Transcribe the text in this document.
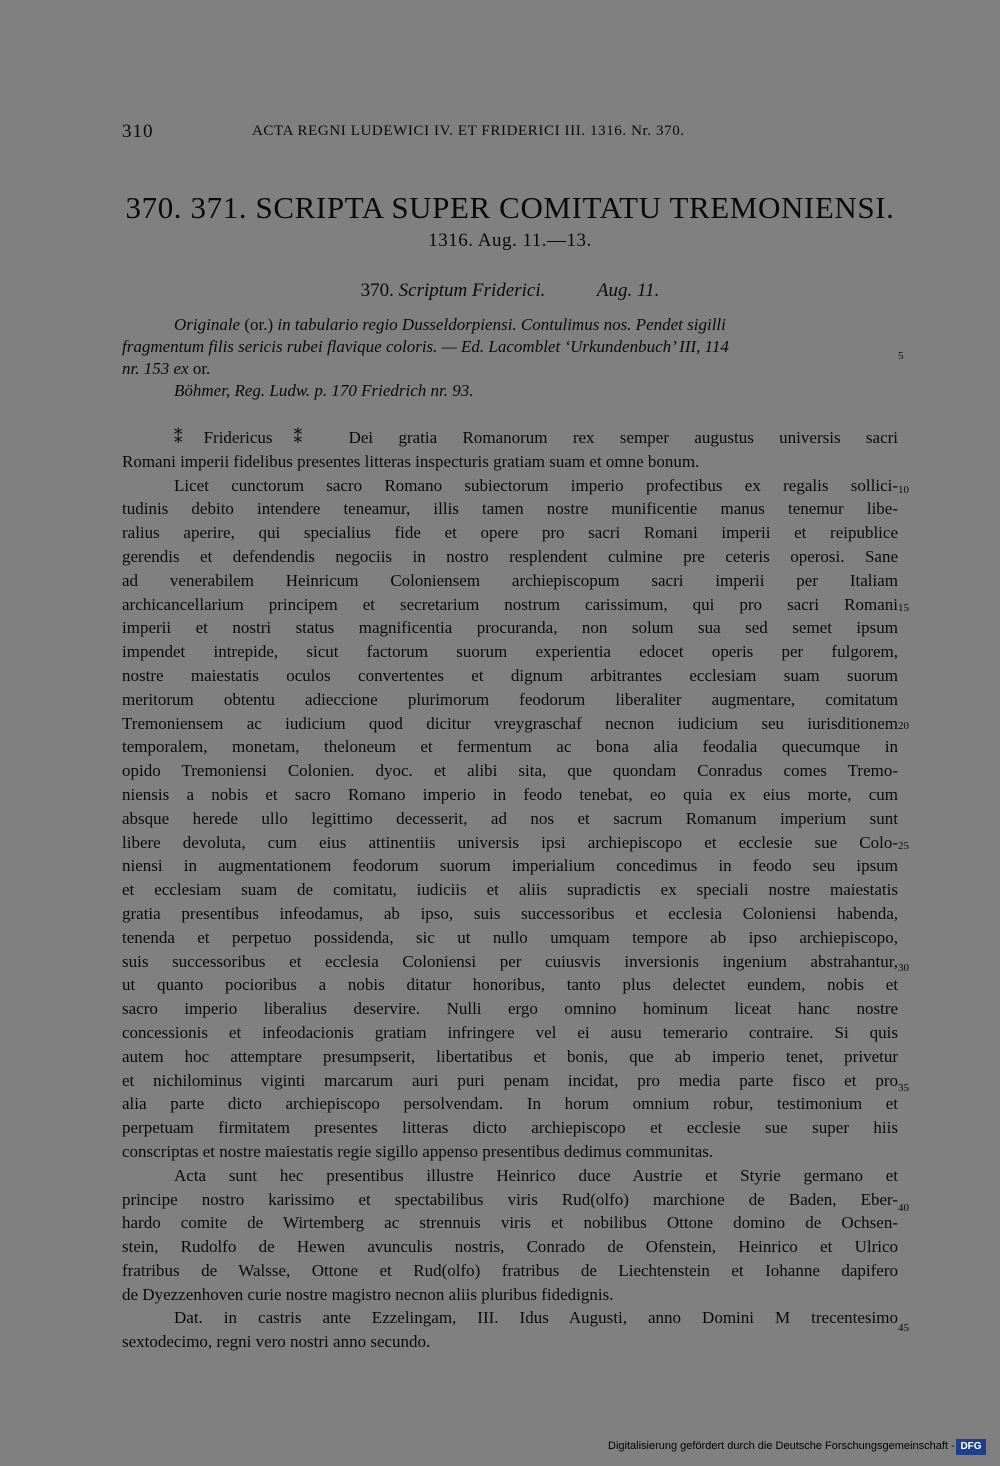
310	ACTA REGNI LUDEWICI IV. ET FRIDERICI III. 1316. Nr. 370.
370. 371. SCRIPTA SUPER COMITATU TREMONIENSI.
1316. Aug. 11.—13.
370. Scriptum Friderici.	Aug. 11.
Originale (or.) in tabulario regio Dusseldorpiensi. Contulimus nos. Pendet sigilli
fragmentum filis sericis rubei flavique coloris. — Ed. Lacomblet ‘Urkundenbuch’ III, 114
nr. 153 ex or.
Böhmer, Reg. Ludw. p. 170 Friedrich nr. 93.
⁑Fridericus⁑ Dei gratia Romanorum rex semper augustus universis sacri
Romani imperii fidelibus presentes litteras inspecturis gratiam suam et omne bonum.
Licet cunctorum sacro Romano subiectorum imperio profectibus ex regalis sollici-
tudinis debito intendere teneamur, illis tamen nostre munificentie manus tenemur libe-
ralius aperire, qui specialius fide et opere pro sacri Romani imperii et reipublice
gerendis et defendendis negociis in nostro resplendent culmine pre ceteris operosi. Sane
ad venerabilem Heinricum Coloniensem archiepiscopum sacri imperii per Italiam
archicancellarium principem et secretarium nostrum carissimum, qui pro sacri Romani
imperii et nostri status magnificentia procuranda, non solum sua sed semet ipsum
impendet intrepide, sicut factorum suorum experientia edocet operis per fulgorem,
nostre maiestatis oculos convertentes et dignum arbitrantes ecclesiam suam suorum
meritorum obtentu adieccione plurimorum feodorum liberaliter augmentare, comitatum
Tremoniensem ac iudicium quod dicitur vreygraschaf necnon iudicium seu iurisditionem
temporalem, monetam, theloneum et fermentum ac bona alia feodalia quecumque in
opido Tremoniensi Colonien. dyoc. et alibi sita, que quondam Conradus comes Tremo-
niensis a nobis et sacro Romano imperio in feodo tenebat, eo quia ex eius morte, cum
absque herede ullo legittimo decesserit, ad nos et sacrum Romanum imperium sunt
libere devoluta, cum eius attinentiis universis ipsi archiepiscopo et ecclesie sue Colo-
niensi in augmentationem feodorum suorum imperialium concedimus in feodo seu ipsum
et ecclesiam suam de comitatu, iudiciis et aliis supradictis ex speciali nostre maiestatis
gratia presentibus infeodamus, ab ipso, suis successoribus et ecclesia Coloniensi habenda,
tenenda et perpetuo possidenda, sic ut nullo umquam tempore ab ipso archiepiscopo,
suis successoribus et ecclesia Coloniensi per cuiusvis inversionis ingenium abstrahantur,
ut quanto pocioribus a nobis ditatur honoribus, tanto plus delectet eundem, nobis et
sacro imperio liberalius deservire. Nulli ergo omnino hominum liceat hanc nostre
concessionis et infeodacionis gratiam infringere vel ei ausu temerario contraire. Si quis
autem hoc attemptare presumpserit, libertatibus et bonis, que ab imperio tenet, privetur
et nichilominus viginti marcarum auri puri penam incidat, pro media parte fisco et pro
alia parte dicto archiepiscopo persolvendam. In horum omnium robur, testimonium et
perpetuam firmitatem presentes litteras dicto archiepiscopo et ecclesie sue super hiis
conscriptas et nostre maiestatis regie sigillo appenso presentibus dedimus communitas.
Acta sunt hec presentibus illustre Heinrico duce Austrie et Styrie germano et
principe nostro karissimo et spectabilibus viris Rud(olfo) marchione de Baden, Eber-
hardo comite de Wirtemberg ac strennuis viris et nobilibus Ottone domino de Ochsen-
stein, Rudolfo de Hewen avunculis nostris, Conrado de Ofenstein, Heinrico et Ulrico
fratribus de Walsse, Ottone et Rud(olfo) fratribus de Liechtenstein et Iohanne dapifero
de Dyezzenhoven curie nostre magistro necnon aliis pluribus fidedignis.
Dat. in castris ante Ezzelingam, III. Idus Augusti, anno Domini M trecentesimo
sextodecimo, regni vero nostri anno secundo.
5
10
15
20
25
30
35
40
45
Digitalisierung gefördert durch die Deutsche Forschungsgemeinschaft - DFG
